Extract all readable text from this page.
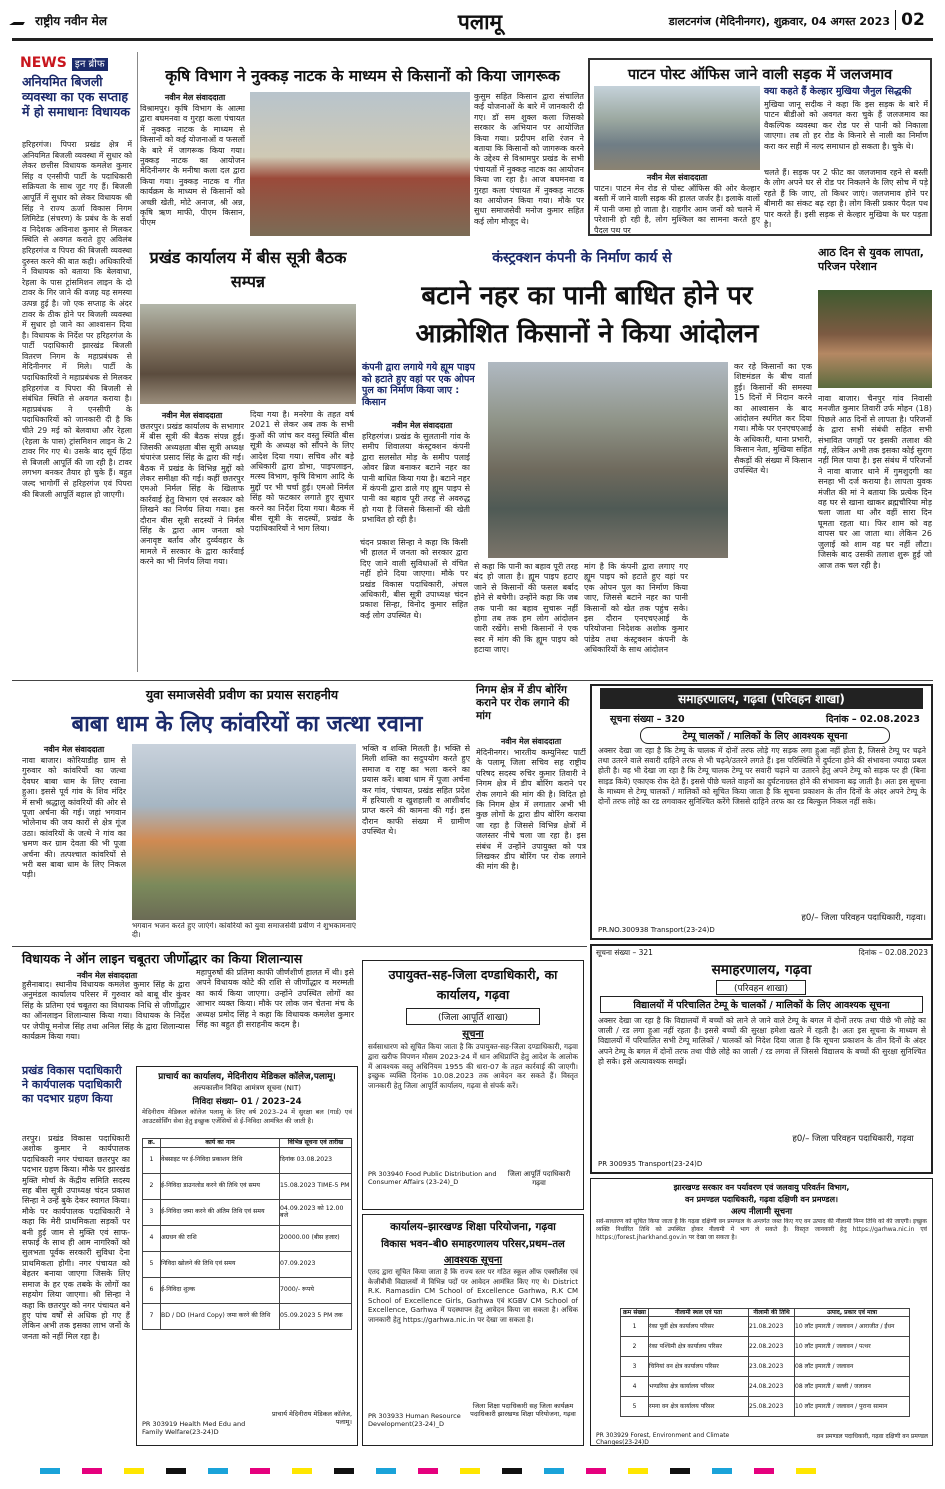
राष्ट्रीय नवीन मेल	पलामू	डालटनगंज (मेदिनीनगर), शुक्रवार, 04 अगस्त 2023 02
NEWS इन ब्रीफ
अनियमित बिजली व्यवस्था का एक सप्ताह में हो समाधानः विधायक
हरिहरगंज। पिपरा प्रखंड क्षेत्र में अनियमित बिजली व्यवस्था में सुधार को लेकर छत्तीस विधायक कमलेश कुमार सिंह व एनसीपी पार्टी के पदाधिकारी सक्रियता के साथ जुट गए हैं। बिजली आपूर्ति में सुधार को लेकर विधायक श्री सिंह ने राज्य ऊर्जा विकास निगम लिमिटेड (संचरण) के प्रबंध के के सर्वा व निदेशक अविनाश कुमार से मिलकर स्थिति से अवगत कराते हुए अविलंब हरिहरगंज व पिपरा की बिजली व्यवस्था दुरुस्त करने की बात कही। अधिकारियों ने विधायक को बताया कि बेलवाधा, रेहला के पास ट्रांसमिशन लाइन के दो टावर के गिर जाने की वजह यह समस्या उत्पन्न हुई है। जो एक सप्ताह के अंदर टावर के ठीक होने पर बिजली व्यवस्था में सुधार हो जाने का आश्वासन दिया है। विधायक के निर्देश पर हरिहरगंज के पार्टी पदाधिकारी झारखंड बिजली वितरण निगम के महाप्रबंधक से मेदिनीनगर में मिले। पार्टी के पदाधिकारियों ने महाप्रबंधक से मिलकर हरिहरगंज व पिपरा की बिजली से संबंधित स्थिति से अवगत कराया है। महाप्रबंधक ने एनसीपी के पदाधिकारियों को जानकारी दी है कि चीते 29 मई को बेलवाधा और रेहला (रेहला के पास) ट्रांसमिशन लाइन के 2 टावर गिर गए थे। उसके बाद सूर्य हिंदा से बिजली आपूर्ति की जा रही है। टावर लगभग बनकर तैयार हो चुके हैं। बहुत जल्द भागोर्गी से हरिहरगंज एवं पिपरा की बिजली आपूर्ति बहाल हो जाएगी।
कृषि विभाग ने नुक्कड़ नाटक के माध्यम से किसानों को किया जागरूक
नवीन मेल संवाददाता
विश्रामपुर। कृषि विभाग के आत्मा द्वारा बघमनवा व गुरहा कला पंचायत में नुक्कड़ नाटक के माध्यम से किसानों को कई योजनाओं व फसलों के बारे में जागरूक किया गया। नुक्कड़ नाटक का आयोजन मेदिनीनगर के मनीषा कला दल द्वारा किया गया। नुक्कड़ नाटक व गीत कार्यक्रम के माध्यम से किसानों को अच्छी खेती, मोटे अनाज, श्री अन्न, कृषि ऋण माफी, पीएम किसान, पीएम
कुसुम सहित किसान द्वारा संचालित कई योजनाओं के बारे में जानकारी दी गए। डॉ सम शुक्ल कला जिसको सरकार के अभियान पर आयोजित किया गया। प्रदीपम शशि रंजन ने बताया कि किसानों को जागरूक करने के उद्देश्य से विश्रामपुर प्रखंड के सभी पंचायतों में नुक्कड़ नाटक का आयोजन किया जा रहा है। आज बघमनवा व गुरहा कला पंचायत में नुक्कड़ नाटक का आयोजन किया गया। मौके पर सुधा समाजसेवी मनोज कुमार सहित कई लोग मौजूद थे।
पाटन पोस्ट ऑफिस जाने वाली सड़क में जलजमाव
नवीन मेल संवाददाता
क्या कहते हैं केल्हार मुखिया जैनुल सिद्धकी
मुखिया जानू सदीक ने कहा कि इस सड़क के बारे में पाटन बीडीओ को अवगत करा चुके हैं जलजमाव का वैकल्पिक व्यवस्था कर रोड पर से पानी को निकाला जाएगा। तब तो हर रोड के किनारे से नाली का निर्माण करा कर सही में नल्द समाधान हो सकता है। चुके थे।
पाटन। पाटन मेन रोड से पोस्ट ऑफिस की ओर केल्हार बस्ती में जाने वाली सड़क की हालत जर्जर है। इलाके वालों में पानी जमा हो जाता है। राहगीर आम जनों को चलने में परेशानी हो रही है, लोग मुश्किल का सामना करते हुए पैदल पथ पर
चलते हैं। सड़क पर 2 फीट का जलजमाव रहने से बस्ती के लोग अपने घर से रोड पर निकलने के लिए सोच में पड़े रहते हैं कि जाए, तो किधर जाएं। जलजमाव होने पर बीमारी का संकट बढ़ रहा है। लोग किसी प्रकार पैदल पथ पार करते हैं। इसी सड़क से केल्हार मुखिया के घर पड़ता है।
प्रखंड कार्यालय में बीस सूत्री बैठक सम्पन्न
नवीन मेल संवाददाता
छतरपुर। प्रखंड कार्यालय के सभागार में बीस सूत्री की बैठक संपन्न हुई। जिसकी अध्यक्षता बीस सूत्री अध्यक्ष चंपारंज प्रसाद सिंह के द्वारा की गई। बैठक में प्रखंड के विभिन्न मुद्दों को लेकर समीक्षा की गई। कहीं छतरपुर एमओ निर्मल सिंह के खिलाफ कार्रवाई हेतु विभाग एवं सरकार को लिखने का निर्णय लिया गया। इस दौरान बीस सूत्री सदस्यों ने निर्मल सिंह के द्वारा आम जनता को अनावृष्ट बर्ताव और दुर्व्यवहार के मामले में सरकार के द्वारा कार्रवाई करने का भी निर्णय लिया गया।
दिया गया है। मनरेगा के तहत वर्ष 2021 से लेकर अब तक के सभी कुओं की जांच कर वस्तु स्थिति बीस सूत्री के अध्यक्ष को सौंपने के लिए आदेश दिया गया। सचिव और बड़े अधिकारी द्वारा डोभा, पाइपलाइन, मत्स्य विभाग, कृषि विभाग आदि के मुद्दों पर भी चर्चा हुई। एमओ निर्मल सिंह को फटकार लगाते हुए सुधार करने का निर्देश दिया गया। बैठक में बीस सूत्री के सदस्यों, प्रखंड के पदाधिकारियों ने भाग लिया।
चंदन प्रकाश सिन्हा ने कहा कि किसी भी हालत में जनता को सरकार द्वारा दिए जाने वाली सुविधाओं से वंचित नहीं होने दिया जाएगा। मौके पर प्रखंड विकास पदाधिकारी, अंचल अधिकारी, बीस सूत्री उपाध्यक्ष चंदन प्रकाश सिन्हा, विनोद कुमार सहित कई लोग उपस्थित थे।
कंस्ट्रक्शन कंपनी के निर्माण कार्य से
बटाने नहर का पानी बाधित होने पर
आक्रोशित किसानों ने किया आंदोलन
कंपनी द्वारा लगाये गये ह्यूम पाइप को हटाते हुए वहां पर एक ओपन पुल का निर्माण किया जाए : किसान
नवीन मेल संवाददाता
हरिहरगंज। प्रखंड के सुलतानी गांव के समीप शिवालया कंस्ट्रक्शन कंपनी द्वारा सलसोत मोड़ के समीप पलाई ओवर ब्रिज बनाकर बटाने नहर का पानी बाधित किया गया है। बटाने नहर में कंपनी द्वारा डाले गए ह्यूम पाइप से पानी का बहाव पूरी तरह से अवरुद्ध हो गया है जिससे किसानों की खेती प्रभावित हो रही है।
से कहा कि पानी का बहाव पूरी तरह बंद हो जाता है। ह्यूम पाइप हटाए जाने से किसानों की फसल बर्बाद होने से बचेगी। उन्होंने कहा कि जब तक पानी का बहाव सुचारू नहीं होगा तब तक हम लोग आंदोलन जारी रखेंगे। सभी किसानों ने एक स्वर में मांग की कि ह्यूम पाइप को हटाया जाए।
मांग है कि कंपनी द्वारा लगाए गए ह्यूम पाइप को हटाते हुए वहां पर एक ओपन पुल का निर्माण किया जाए, जिससे बटाने नहर का पानी किसानों को खेत तक पहुंच सके। इस दौरान एनएचएआई के परियोजना निदेशक अशोक कुमार पांडेय तथा कंस्ट्रक्शन कंपनी के अधिकारियों के साथ आंदोलन
कर रहे किसानों का एक शिष्टमंडल के बीच वार्ता हुई। किसानों की समस्या 15 दिनों में निदान करने का आश्वासन के बाद आंदोलन स्थगित कर दिया गया। मौके पर एनएचएआई के अधिकारी, थाना प्रभारी, किसान नेता, मुखिया सहित सैकड़ों की संख्या में किसान उपस्थित थे।
आठ दिन से युवक लापता, परिजन परेशान
नावा बाजार। चैनपुर गांव निवासी मनजीत कुमार तिवारी उर्फ मोहन (18) पिछले आठ दिनों से लापता है। परिजनों के द्वारा सभी संबंधी सहित सभी संभावित जगहों पर इसकी तलाश की गई, लेकिन अभी तक इसका कोई सुराग नहीं मिल पाया है। इस संबंध में परिजनों ने नावा बाजार थाने में गुमशुदगी का सनहा भी दर्ज कराया है। लापता युवक मंजीत की मां ने बताया कि प्रत्येक दिन वह घर से खाना खाकर ब्रह्मचौरिया मोड़ चला जाता था और वहीं सारा दिन घूमता रहता था। फिर शाम को वह वापस घर आ जाता था। लेकिन 26 जुलाई को शाम वह घर नहीं लौटा। जिसके बाद उसकी तलाश शुरू हुई जो आज तक चल रही है।
युवा समाजसेवी प्रवीण का प्रयास सराहनीय
बाबा धाम के लिए कांवरियों का जत्था रवाना
नवीन मेल संवाददाता
नावा बाजार। कोरियाडीह ग्राम से गुरुवार को कांवरियों का जत्था देवघर बाबा धाम के लिए रवाना हुआ। इससे पूर्व गांव के शिव मंदिर में सभी श्रद्धालु कांवरियों की ओर से पूजा अर्चना की गई। जहां भगवान भोलेनाथ की जय कारों से क्षेत्र गूंज उठा। कांवरियों के जत्थे ने गांव का भ्रमण कर ग्राम देवता की भी पूजा अर्चना की। तत्पश्चात कांवरियों से भरी बस बाबा धाम के लिए निकल पड़ी।
भगवान भजन करते हुए जाएंगे। कांवरियों को युवा समाजसेवी प्रवीण ने शुभकामनाएं दी।
भक्ति व शक्ति मिलती है। भक्ति से मिली शक्ति का सदुपयोग करते हुए समाज व राष्ट्र का भला करने का प्रयास करें। बाबा धाम में पूजा अर्चना कर गांव, पंचायत, प्रखंड सहित प्रदेश में हरियाली व खुशहाली व आशीर्वाद प्राप्त करने की कामना की गई। इस दौरान काफी संख्या में ग्रामीण उपस्थित थे।
निगम क्षेत्र में डीप बोरिंग कराने पर रोक लगाने की मांग
नवीन मेल संवाददाता
मेदिनीनगर। भारतीय कम्युनिस्ट पार्टी के पलामू जिला सचिव सह राष्ट्रीय परिषद सदस्य रुचिर कुमार तिवारी ने निगम क्षेत्र में डीप बोरिंग कराने पर रोक लगाने की मांग की है। विदित हो कि निगम क्षेत्र में लगातार अभी भी कुछ लोगों के द्वारा डीप बोरिंग कराया जा रहा है जिससे विभिन्न क्षेत्रों में जलस्तर नीचे चला जा रहा है। इस संबंध में उन्होंने उपायुक्त को पत्र लिखकर डीप बोरिंग पर रोक लगाने की मांग की है।
समाहरणालय, गढ़वा (परिवहन शाखा)
सूचना संख्या – 320	दिनांक – 02.08.2023
टेम्पू चालकों / मालिकों के लिए आवश्यक सूचना
अक्सर देखा जा रहा है कि टेम्पू के चालक में दोनों तरफ लोड़े गए सड़क लगा हुआ नहीं होता है, जिससे टेम्पू पर चढ़ने तथा उतरने वाले सवारी दाहिने तरफ से भी चढ़ने/उतरने लगते हैं। इस परिस्थिति में दुर्घटना होने की संभावना ज्यादा प्रबल होती है। वह भी देखा जा रहा है कि टेम्पू चालक टेम्पू पर सवारी चढ़ाने या उतारने हेतु अपने टेम्पू को सड़क पर ही (बिना साइड किये) एकाएक रोक देते हैं। इससे पीछे चलते वाहनों का दुर्घटनाग्रस्त होने की संभावना बढ़ जाती है। अतः इस सूचना के माध्यम से टेम्पू चालकों / मालिकों को सूचित किया जाता है कि सूचना प्रकाशन के तीन दिनों के अंदर अपने टेम्पू के दोनों तरफ लोहे का रड लगवाकर सुनिश्चित करेंगे जिससे दाहिने तरफ का रड बिल्कुल निकल नहीं सके।
PR.NO.300938 Transport(23-24)D
ह0/– जिला परिवहन पदाधिकारी, गढ़वा।
विधायक ने ऑन लाइन चबूतरा जीर्णोद्धार का किया शिलान्यास
नवीन मेल संवाददाता
हुसैनाबाद। स्थानीय विधायक कमलेश कुमार सिंह के द्वारा अनुमंडल कार्यालय परिसर में गुरुवार को बाबू वीर कुंवर सिंह के प्रतिमा एवं चबूतरा का विधायक निधि से जीर्णोद्धार का ऑनलाइन शिलान्यास किया गया। विधायक के निर्देश पर जेपीयू मनोज सिंह तथा अनिल सिंह के द्वारा शिलान्यास कार्यक्रम किया गया।
महापुरुषों की प्रतिमा काफी जीर्णशीर्ण हालत में थी। इसे अपने विधायक कोटे की राशि से जीर्णोद्धार व मरम्मती का कार्य किया जाएगा। उन्होंने उपस्थित लोगों का आभार व्यक्त किया। मौके पर लोक जन चेतना मंच के अध्यक्ष प्रमोद सिंह ने कहा कि विधायक कमलेश कुमार सिंह का बहुत ही सराहनीय कदम है।
प्रखंड विकास पदाधिकारी ने कार्यपालक पदाधिकारी का पदभार ग्रहण किया
तरपुर। प्रखंड विकास पदाधिकारी अशोक कुमार ने कार्यपालक पदाधिकारी नगर पंचायत छतरपुर का पदभार ग्रहण किया। मौके पर झारखंड मुक्ति मोर्चा के केंद्रीय समिति सदस्य सह बीस सूत्री उपाध्यक्ष चंदन प्रकाश सिन्हा ने उन्हें बुके देकर स्वागत किया। मौके पर कार्यपालक पदाधिकारी ने कहा कि मेरी प्राथमिकता सड़कों पर बनी हुई जाम से मुक्ति एवं साफ-सफाई के साथ ही आम नागरिकों को सुलभता पूर्वक सरकारी सुविधा देना प्राथमिकता होगी। नगर पंचायत को बेहतर बनाया जाएगा जिसके लिए समाज के हर एक तबके के लोगों का सहयोग लिया जाएगा। श्री सिन्हा ने कहा कि छतरपुर को नगर पंचायत बने हुए पांच वर्षों से अधिक हो गए हैं लेकिन अभी तक इसका लाभ जनों के जनता को नहीं मिल रहा है।
प्राचार्य का कार्यालय, मेदिनीराय मेडिकल कॉलेज,पलामू।
अल्पकालीन निविदा आमंत्रण सूचना (NIT)
निविदा संख्या– 01 / 2023–24
मेदिनीराय मेडिकल कॉलेज पलामू के लिए वर्ष 2023–24 में सुरक्षा बल (गार्ड) एवं आउटसोर्सिंग सेवा हेतु इच्छुक एजेंसियों से ई-निविदा आमंत्रित की जाती है।
क्र.	कार्य का नाम	विभिन्न सूचना एवं तारीख
1	वेबसाइट पर ई-निविदा प्रकाशन तिथि	दिनांक 03.08.2023
2	ई-निविदा डाउनलोड करने की तिथि एवं समय	15.08.2023 TIME-5 PM
3	ई-निविदा जमा करने की अंतिम तिथि एवं समय	04.09.2023 को 12.00 बजे
4	अग्रधन की राशि	20000.00 (बीस हजार)
5	निविदा खोलने की तिथि एवं समय	07.09.2023
6	ई-निविदा शुल्क	7000/- रूपये
7	BD / DD (Hard Copy) जमा करने की तिथि	05.09.2023 5 PM तक
PR 303919 Health Med Edu and Family Welfare(23-24)D
प्राचार्य मेदिनीराय मेडिकल कॉलेज, पलामू।
उपायुक्त-सह-जिला दण्डाधिकारी, का
कार्यालय, गढ़वा
(जिला आपूर्ति शाखा)
सूचना
सर्वसाधारण को सूचित किया जाता है कि उपायुक्त-सह-जिला दण्डाधिकारी, गढ़वा द्वारा खरीफ विपणन मौसम 2023-24 में धान अधिप्राप्ति हेतु आदेश के आलोक में आवश्यक वस्तु अधिनियम 1955 की धारा-07 के तहत कार्रवाई की जाएगी। इच्छुक व्यक्ति दिनांक 10.08.2023 तक आवेदन कर सकते हैं। विस्तृत जानकारी हेतु जिला आपूर्ति कार्यालय, गढ़वा से संपर्क करें।
PR 303940 Food Public Distribution and Consumer Affairs (23-24)_D
जिला आपूर्ति पदाधिकारी गढ़वा
कार्यालय–झारखण्ड शिक्षा परियोजना, गढ़वा
विकास भवन–बी0 समाहरणालय परिसर,प्रथम–तल
आवश्यक सूचना
एतद द्वारा सूचित किया जाता है कि राज्य स्तर पर गठित स्कूल ऑफ एक्सीलेंस एवं केजीबीवी विद्यालयों में विभिन्न पदों पर आवेदन आमंत्रित किए गए थे। District R.K. Ramasdin CM School of Excellence Garhwa, R.K CM School of Excellence Girls, Garhwa एवं KGBV CM School of Excellence, Garhwa में पदस्थापन हेतु आवेदन किया जा सकता है। अधिक जानकारी हेतु https://garhwa.nic.in पर देखा जा सकता है।
PR 303933 Human Resource Development(23-24)_D
जिला शिक्षा पदाधिकारी सह जिला कार्यक्रम पदाधिकारी झारखण्ड शिक्षा परियोजना, गढ़वा
सूचना संख्या – 321	दिनांक – 02.08.2023
समाहरणालय, गढ़वा
(परिवहन शाखा)
विद्यालयों में परिचालित टेम्पू के चालकों / मालिकों के लिए आवश्यक सूचना
अक्सर देखा जा रहा है कि विद्यालयों में बच्चों को लाने ले जाने वाले टेम्पू के बगल में दोनों तरफ तथा पीछे भी लोहे का जाली / रड लगा हुआ नहीं रहता है। इससे बच्चों की सुरक्षा हमेशा खतरे में रहती है। अतः इस सूचना के माध्यम से विद्यालयों में परिचालित सभी टेम्पू मालिकों / चालकों को निदेश दिया जाता है कि सूचना प्रकाशन के तीन दिनों के अंदर अपने टेम्पू के बगल में दोनों तरफ तथा पीछे लोहे का जाली / रड लगवा लें जिससे विद्यालय के बच्चों की सुरक्षा सुनिश्चित हो सके। इसे अत्यावश्यक समझें।
PR 300935 Transport(23-24)D
ह0/– जिला परिवहन पदाधिकारी, गढ़वा
झारखण्ड सरकार वन पर्यावरण एवं जलवायु परिवर्तन विभाग,
वन प्रमण्डल पदाधिकारी, गढ़वा दक्षिणी वन प्रमण्डल।
अल्प नीलामी सूचना
सर्व-साधारण को सूचित किया जाता है कि गढ़वा दक्षिणी वन प्रमण्डल के अन्तर्गत जब्त किए गए वन उत्पाद की नीलामी निम्न तिथि को की जाएगी। इच्छुक व्यक्ति निर्धारित तिथि को उपस्थित होकर नीलामी में भाग ले सकते हैं। विस्तृत जानकारी हेतु https://garhwa.nic.in एवं https://forest.jharkhand.gov.in पर देखा जा सकता है।
क्रम संख्या	नीलामी स्थल एवं पता	नीलामी की तिथि	उत्पाद, प्रकार एवं मात्रा
1	रंका पूर्वी क्षेत्र कार्यालय परिसर	21.08.2023	10 लॉट इमारती / जलावन / आराजीत / ईंधन
2	रंका पश्चिमी क्षेत्र कार्यालय परिसर	22.08.2023	10 लॉट इमारती / जलावन / पत्थर
3	चिनियां वन क्षेत्र कार्यालय परिसर	23.08.2023	08 लॉट इमारती / जलावन
4	भण्डरिया क्षेत्र कार्यालय परिसर	24.08.2023	08 लॉट इमारती / बल्ली / जलावन
5	रमना वन क्षेत्र कार्यालय परिसर	25.08.2023	10 लॉट इमारती / जलावन / पुराना सामान
PR 303929 Forest, Environment and Climate Changes(23-24)D
वन प्रमण्डल पदाधिकारी, गढ़वा दक्षिणी वन प्रमण्डल
